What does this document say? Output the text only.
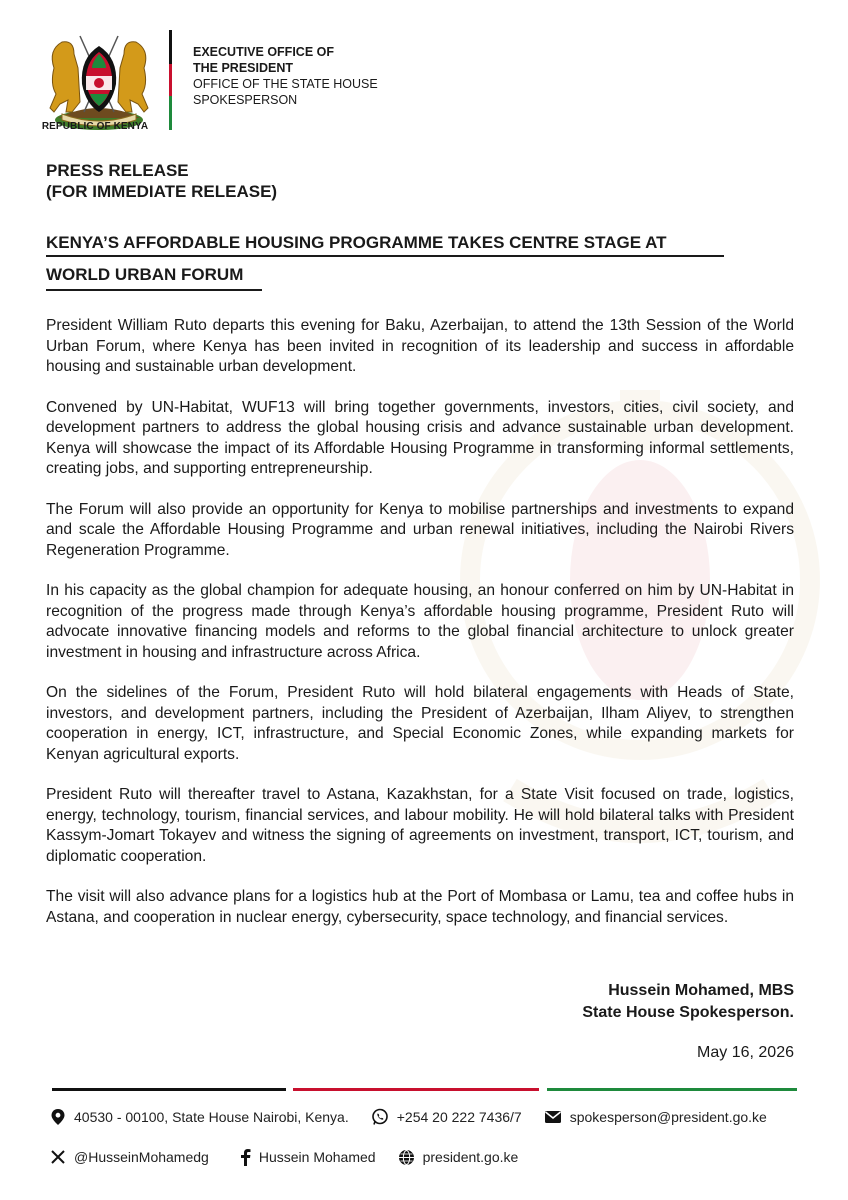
REPUBLIC OF KENYA
EXECUTIVE OFFICE OF
THE PRESIDENT
OFFICE OF THE STATE HOUSE
SPOKESPERSON
PRESS RELEASE
(FOR IMMEDIATE RELEASE)
KENYA’S AFFORDABLE HOUSING PROGRAMME TAKES CENTRE STAGE AT
WORLD URBAN FORUM

President William Ruto departs this evening for Baku, Azerbaijan, to attend the 13th Session of the World Urban Forum, where Kenya has been invited in recognition of its leadership and success in affordable housing and sustainable urban development.

Convened by UN-Habitat, WUF13 will bring together governments, investors, cities, civil society, and development partners to address the global housing crisis and advance sustainable urban development. Kenya will showcase the impact of its Affordable Housing Programme in transforming informal settlements, creating jobs, and supporting entrepreneurship.

The Forum will also provide an opportunity for Kenya to mobilise partnerships and investments to expand and scale the Affordable Housing Programme and urban renewal initiatives, including the Nairobi Rivers Regeneration Programme.

In his capacity as the global champion for adequate housing, an honour conferred on him by UN-Habitat in recognition of the progress made through Kenya’s affordable housing programme, President Ruto will advocate innovative financing models and reforms to the global financial architecture to unlock greater investment in housing and infrastructure across Africa.

On the sidelines of the Forum, President Ruto will hold bilateral engagements with Heads of State, investors, and development partners, including the President of Azerbaijan, Ilham Aliyev, to strengthen cooperation in energy, ICT, infrastructure, and Special Economic Zones, while expanding markets for Kenyan agricultural exports.

President Ruto will thereafter travel to Astana, Kazakhstan, for a State Visit focused on trade, logistics, energy, technology, tourism, financial services, and labour mobility. He will hold bilateral talks with President Kassym-Jomart Tokayev and witness the signing of agreements on investment, transport, ICT, tourism, and diplomatic cooperation.

The visit will also advance plans for a logistics hub at the Port of Mombasa or Lamu, tea and coffee hubs in Astana, and cooperation in nuclear energy, cybersecurity, space technology, and financial services.

Hussein Mohamed, MBS
State House Spokesperson.
May 16, 2026
40530 - 00100, State House Nairobi, Kenya.	+254 20 222 7436/7	spokesperson@president.go.ke
@HusseinMohamedg	Hussein Mohamed	president.go.ke
